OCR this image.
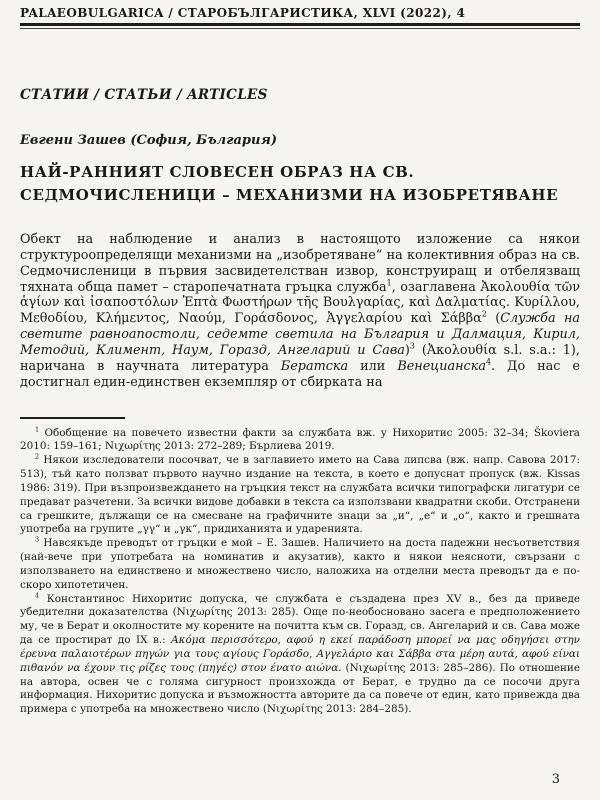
PALAEOBULGARICA / СТАРОБЪЛГАРИСТИКА, XLVI (2022), 4
СТАТИИ / СТАТЬИ / ARTICLES
Евгени Зашев (София, България)
НАЙ-РАННИЯТ СЛОВЕСЕН ОБРАЗ НА СВ. СЕДМОЧИСЛЕНИЦИ – МЕХАНИЗМИ НА ИЗОБРЕТЯВАНЕ

Обект на наблюдение и анализ в настоящото изложение са някои структуроопределящи механизми на „изобретяване“ на колективния образ на св. Седмочисленици в първия засвидетелстван извор, конструиращ и отбелязващ тяхната обща памет – старопечатната гръцка служба$^1$, озаглавена Ἀκολουθία τῶν ἁγίων καὶ ἰσαποστόλων Ἑπτὰ Φωστήρων τῆς Βουλγαρίας, καὶ Δαλματίας. Κυρίλλου, Μεθοδίου, Κλήμεντος, Ναούμ, Γοράσδονος, Ἀγγελαρίου καὶ Σάββα$^2$ (Служба на светите равноапостоли, седемте светила на България и Далмация, Кирил, Методий, Климент, Наум, Горазд, Ангеларий и Сава)$^3$ (Ἀκολουθία s.l. s.a.: 1), наричана в научната литература Бератска или Венецианска$^4$. До нас е достигнал един-единствен екземпляр от сбирката на

$^1$ Обобщение на повечето известни факти за службата вж. у Нихоритис 2005: 32–34; Škoviera 2010: 159–161; Νιχωρίτης 2013: 272–289; Бърлиева 2019.

$^2$ Някои изследователи посочват, че в заглавието името на Сава липсва (вж. напр. Савова 2017: 513), тъй като ползват първото научно издание на текста, в което е допуснат пропуск (вж. Kissas 1986: 319). При възпроизвеждането на гръцкия текст на службата всички типографски лигатури се предават разчетени. За всички видове добавки в текста са използвани квадратни скоби. Отстранени са грешките, дължащи се на смесване на графичните знаци за „и“, „е“ и „о“, както и грешната употреба на групите „γγ“ и „γκ“, придиханията и ударенията.

$^3$ Навсякъде преводът от гръцки е мой – Е. Зашев. Наличието на доста падежни несъответствия (най-вече при употребата на номинатив и акузатив), както и някои неясноти, свързани с използването на единствено и множествено число, наложиха на отделни места преводът да е по-скоро хипотетичен.

$^4$ Константинос Нихоритис допуска, че службата е създадена през XV в., без да приведе убедителни доказателства (Νιχωρίτης 2013: 285). Още по-необосновано засега е предположението му, че в Берат и околностите му корените на почитта към св. Горазд, св. Ангеларий и св. Сава може да се простират до IX в.: Ακόμα περισσότερο, αφού η εκεί παράδοση μπορεί να μας οδηγήσει στην έρευνα παλαιοτέρων πηγών για τους αγίους Γοράσδο, Αγγελάριο και Σάββα στα μέρη αυτά, αφού είναι πιθανόν να έχουν τις ρίζες τους (πηγές) στον ένατο αιώνα. (Νιχωρίτης 2013: 285–286). По отношение на автора, освен че с голяма сигурност произхожда от Берат, е трудно да се посочи друга информация. Нихоритис допуска и възможността авторите да са повече от един, като привежда два примера с употреба на множествено число (Νιχωρίτης 2013: 284–285).

3
